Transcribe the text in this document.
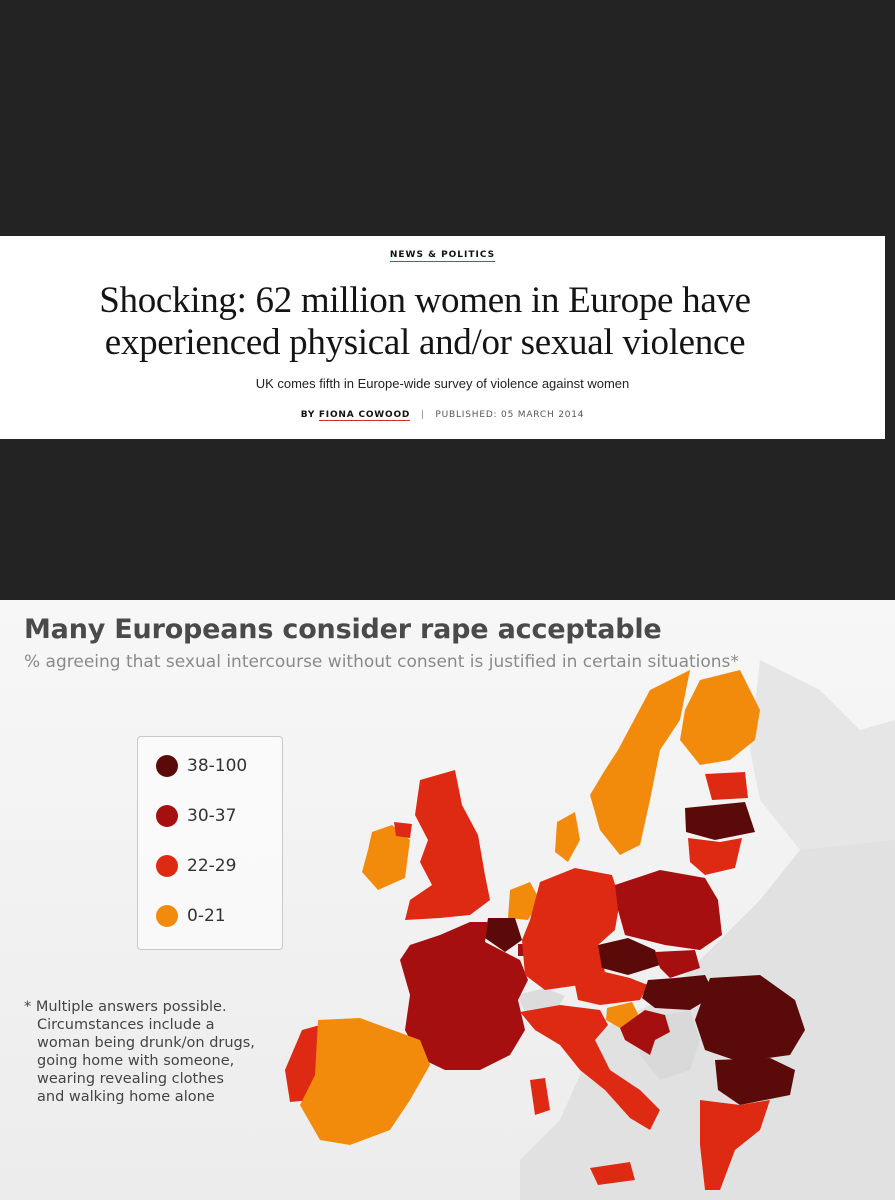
NEWS & POLITICS
Shocking: 62 million women in Europe have
experienced physical and/or sexual violence
UK comes fifth in Europe-wide survey of violence against women
BY FIONA COWOOD | PUBLISHED: 05 MARCH 2014
Many Europeans consider rape acceptable
% agreeing that sexual intercourse without consent is justified in certain situations*
38-100
30-37
22-29
0-21
* Multiple answers possible.
Circumstances include a
woman being drunk/on drugs,
going home with someone,
wearing revealing clothes
and walking home alone
